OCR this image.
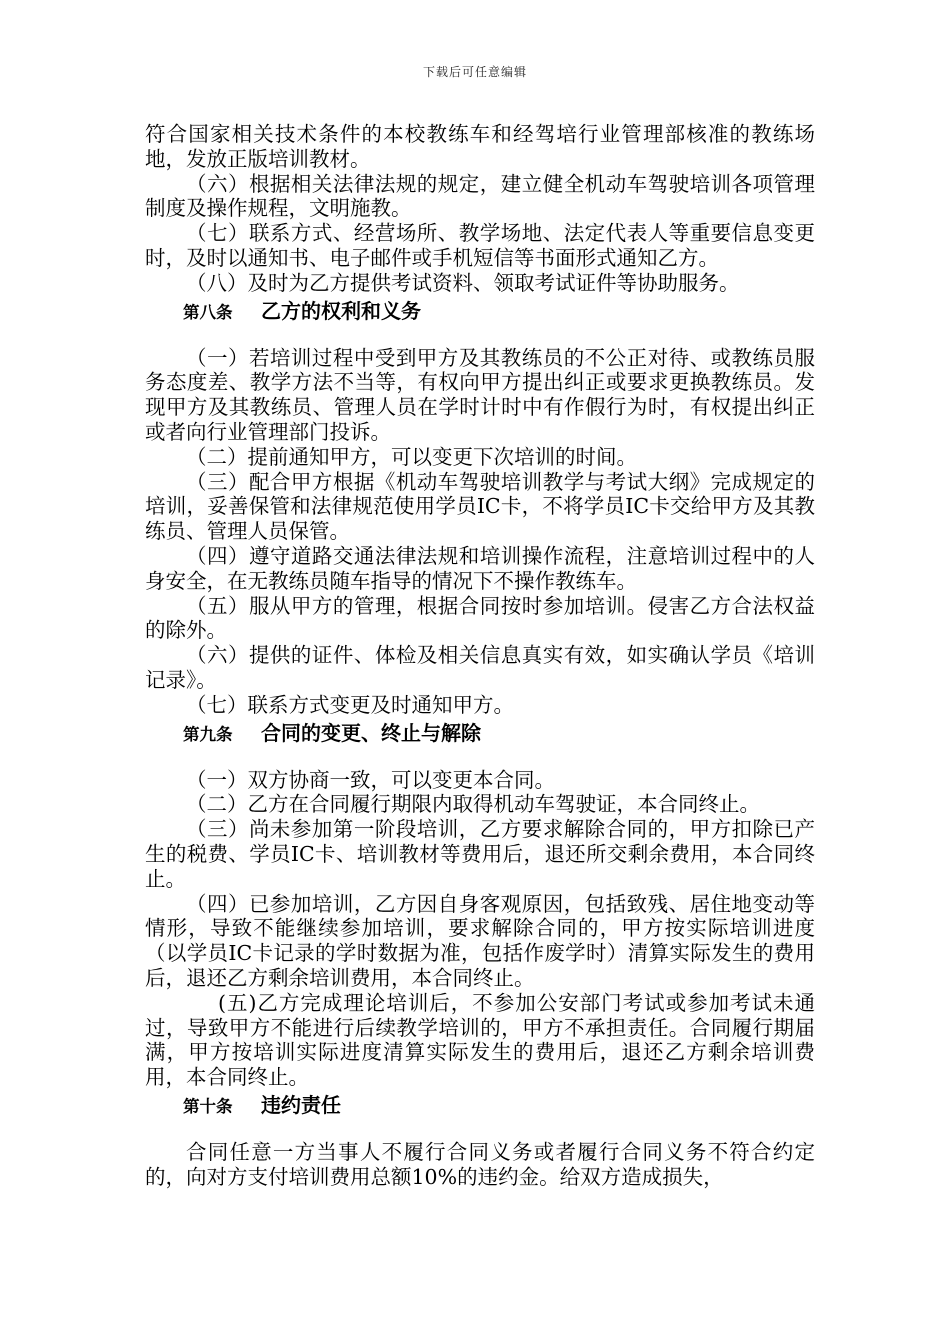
下载后可任意编辑

符合国家相关技术条件的本校教练车和经驾培行业管理部核准的教练场地，发放正版培训教材。

（六）根据相关法律法规的规定，建立健全机动车驾驶培训各项管理制度及操作规程，文明施教。

（七）联系方式、经营场所、教学场地、法定代表人等重要信息变更时，及时以通知书、电子邮件或手机短信等书面形式通知乙方。

（八）及时为乙方提供考试资料、领取考试证件等协助服务。

第八条 乙方的权利和义务

（一）若培训过程中受到甲方及其教练员的不公正对待、或教练员服务态度差、教学方法不当等，有权向甲方提出纠正或要求更换教练员。发现甲方及其教练员、管理人员在学时计时中有作假行为时，有权提出纠正或者向行业管理部门投诉。

（二）提前通知甲方，可以变更下次培训的时间。

（三）配合甲方根据《机动车驾驶培训教学与考试大纲》完成规定的培训，妥善保管和法律规范使用学员IC卡，不将学员IC卡交给甲方及其教练员、管理人员保管。

（四）遵守道路交通法律法规和培训操作流程，注意培训过程中的人身安全，在无教练员随车指导的情况下不操作教练车。

（五）服从甲方的管理，根据合同按时参加培训。侵害乙方合法权益的除外。

（六）提供的证件、体检及相关信息真实有效，如实确认学员《培训记录》。

（七）联系方式变更及时通知甲方。

第九条 合同的变更、终止与解除

（一）双方协商一致，可以变更本合同。

（二）乙方在合同履行期限内取得机动车驾驶证，本合同终止。

（三）尚未参加第一阶段培训，乙方要求解除合同的，甲方扣除已产生的税费、学员IC卡、培训教材等费用后，退还所交剩余费用，本合同终止。

（四）已参加培训，乙方因自身客观原因，包括致残、居住地变动等情形，导致不能继续参加培训，要求解除合同的，甲方按实际培训进度（以学员IC卡记录的学时数据为准，包括作废学时）清算实际发生的费用后，退还乙方剩余培训费用，本合同终止。

(五)乙方完成理论培训后，不参加公安部门考试或参加考试未通过，导致甲方不能进行后续教学培训的，甲方不承担责任。合同履行期届满，甲方按培训实际进度清算实际发生的费用后，退还乙方剩余培训费用，本合同终止。

第十条 违约责任

合同任意一方当事人不履行合同义务或者履行合同义务不符合约定的，向对方支付培训费用总额10%的违约金。给双方造成损失，
